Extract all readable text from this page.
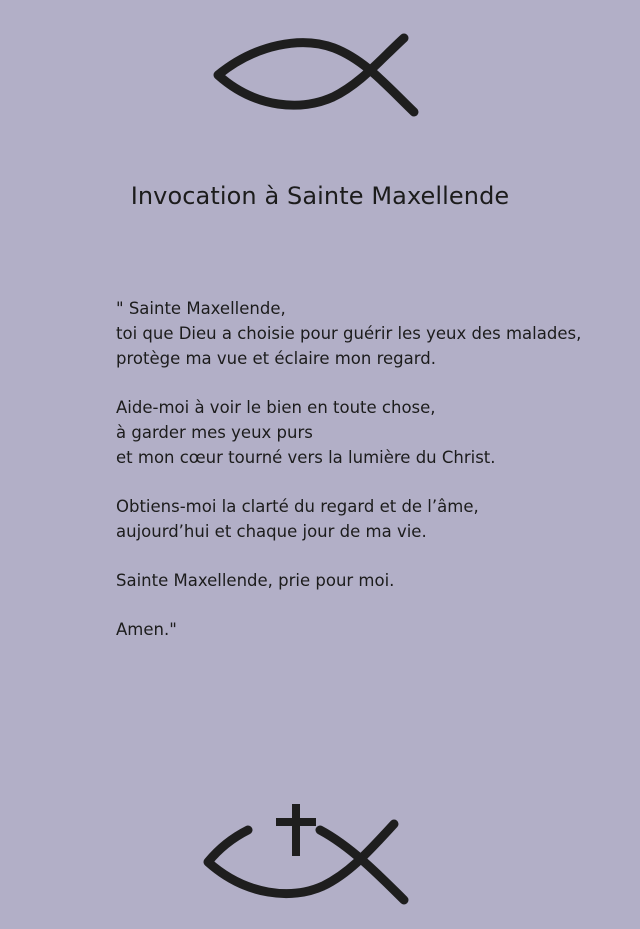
Invocation à Sainte Maxellende
" Sainte Maxellende,
toi que Dieu a choisie pour guérir les yeux des malades,
protège ma vue et éclaire mon regard.
Aide-moi à voir le bien en toute chose,
à garder mes yeux purs
et mon cœur tourné vers la lumière du Christ.
Obtiens-moi la clarté du regard et de l’âme,
aujourd’hui et chaque jour de ma vie.
Sainte Maxellende, prie pour moi.
Amen."
